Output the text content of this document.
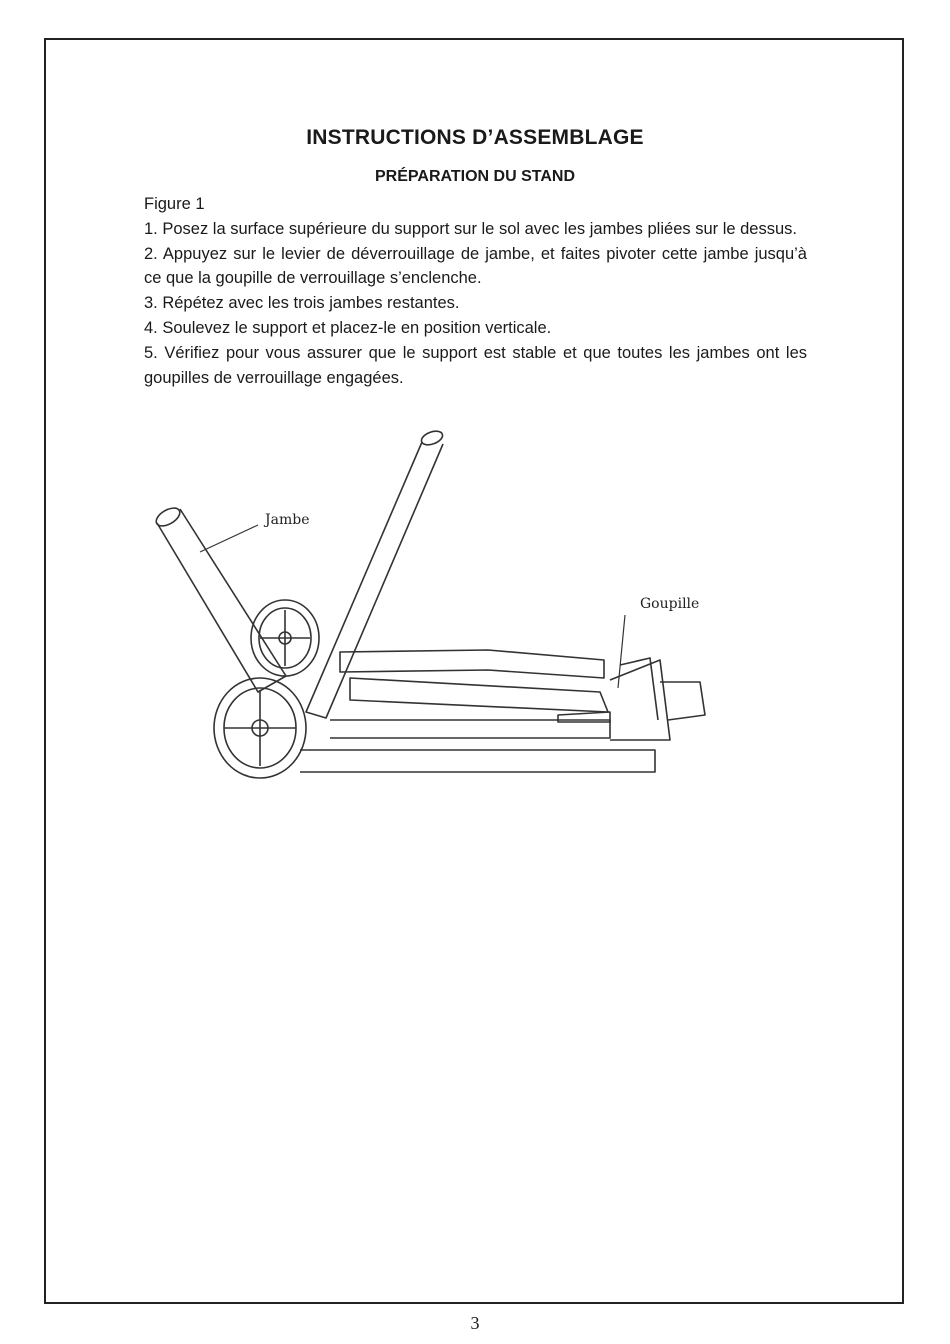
INSTRUCTIONS D’ASSEMBLAGE
PRÉPARATION DU STAND

Figure 1

1. Posez la surface supérieure du support sur le sol avec les jambes pliées sur le dessus.

2. Appuyez sur le levier de déverrouillage de jambe, et faites pivoter cette jambe jusqu’à ce que la goupille de verrouillage s’enclenche.

3. Répétez avec les trois jambes restantes.

4. Soulevez le support et placez-le en position verticale.

5. Vérifiez pour vous assurer que le support est stable et que toutes les jambes ont les goupilles de verrouillage engagées.

Jambe
Goupille
3
